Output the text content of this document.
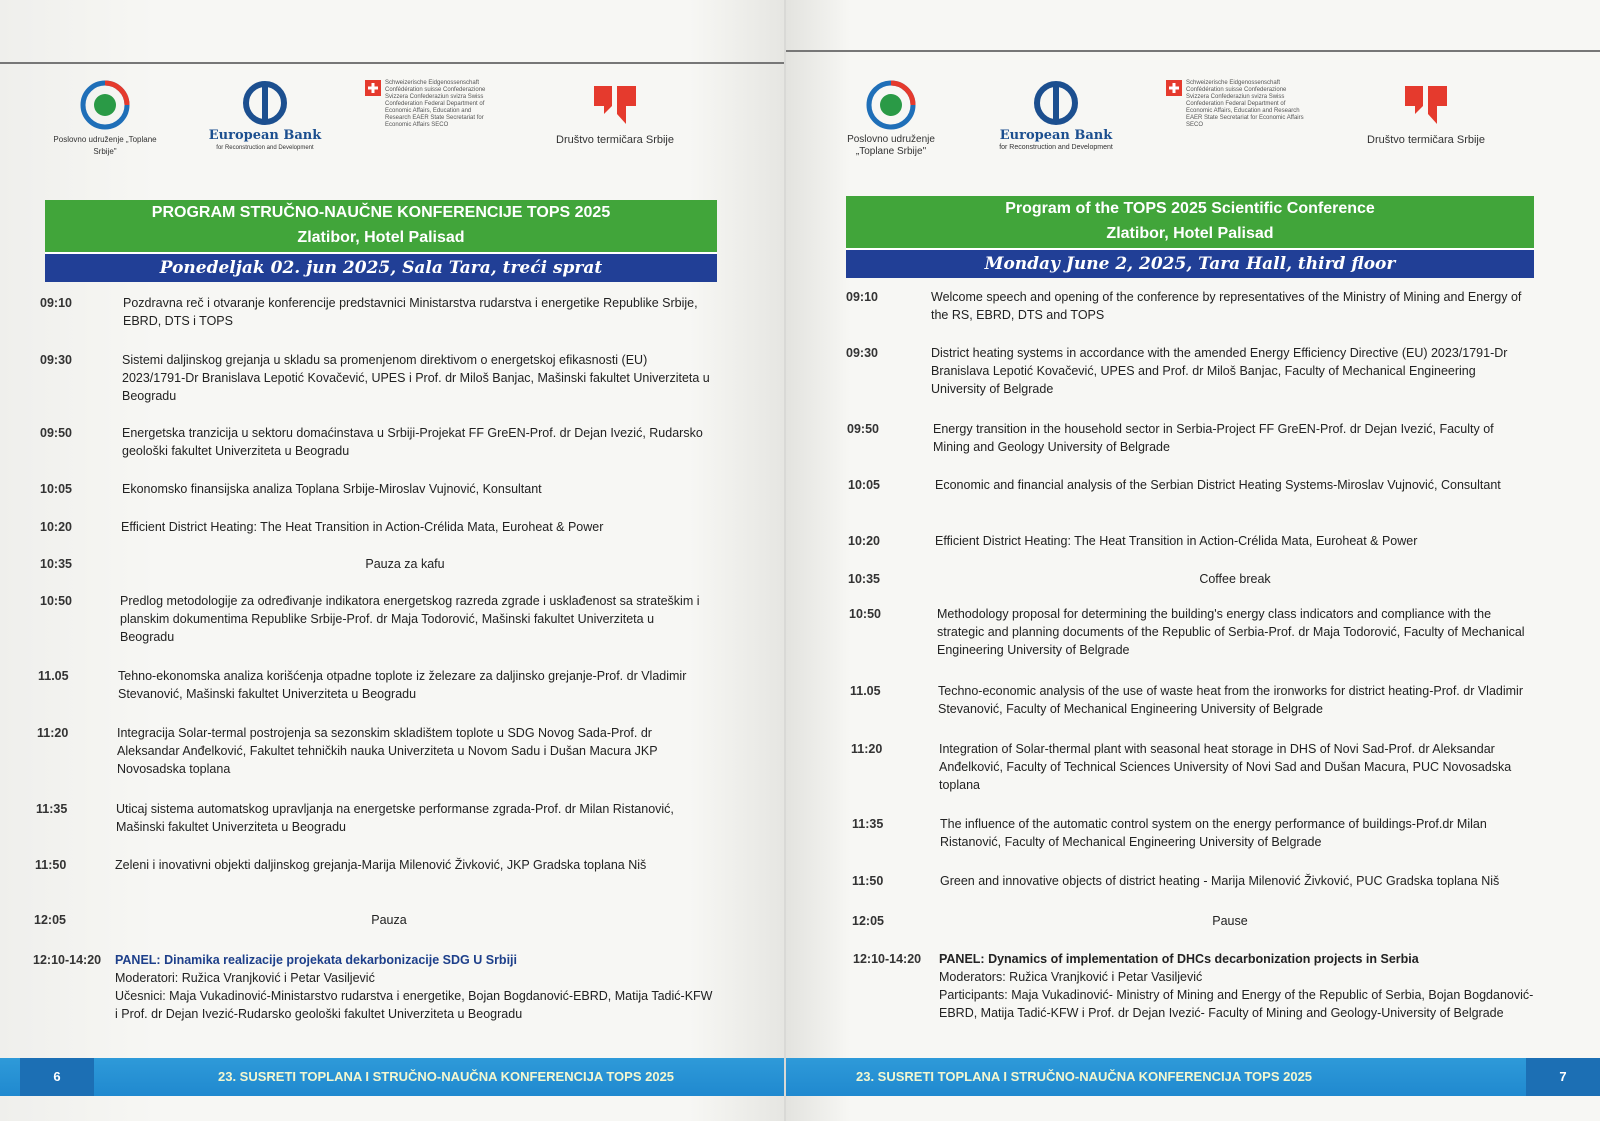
Poslovno udruženje „Toplane Srbije"
European Bank
for Reconstruction and Development
Schweizerische Eidgenossenschaft Confédération suisse Confederazione Svizzera Confederaziun svizra Swiss Confederation Federal Department of Economic Affairs, Education and Research EAER State Secretariat for Economic Affairs SECO
Društvo termičara Srbije
PROGRAM STRUČNO-NAUČNE KONFERENCIJE TOPS 2025
Zlatibor, Hotel Palisad
Ponedeljak 02. jun 2025, Sala Tara, treći sprat
09:10	Pozdravna reč i otvaranje konferencije predstavnici Ministarstva rudarstva i energetike Republike Srbije, EBRD, DTS i TOPS
09:30	Sistemi daljinskog grejanja u skladu sa promenjenom direktivom o energetskoj efikasnosti (EU) 2023/1791-Dr Branislava Lepotić Kovačević, UPES i Prof. dr Miloš Banjac, Mašinski fakultet Univerziteta u Beogradu
09:50	Energetska tranzicija u sektoru domaćinstava u Srbiji-Projekat FF GreEN-Prof. dr Dejan Ivezić, Rudarsko geološki fakultet Univerziteta u Beogradu
10:05	Ekonomsko finansijska analiza Toplana Srbije-Miroslav Vujnović, Konsultant
10:20	Efficient District Heating: The Heat Transition in Action-Crélida Mata, Euroheat & Power
10:35	Pauza za kafu
10:50	Predlog metodologije za određivanje indikatora energetskog razreda zgrade i usklađenost sa strateškim i planskim dokumentima Republike Srbije-Prof. dr Maja Todorović, Mašinski fakultet Univerziteta u Beogradu
11.05	Tehno-ekonomska analiza korišćenja otpadne toplote iz železare za daljinsko grejanje-Prof. dr Vladimir Stevanović, Mašinski fakultet Univerziteta u Beogradu
11:20	Integracija Solar-termal postrojenja sa sezonskim skladištem toplote u SDG Novog Sada-Prof. dr Aleksandar Anđelković, Fakultet tehničkih nauka Univerziteta u Novom Sadu i Dušan Macura JKP Novosadska toplana
11:35	Uticaj sistema automatskog upravljanja na energetske performanse zgrada-Prof. dr Milan Ristanović, Mašinski fakultet Univerziteta u Beogradu
11:50	Zeleni i inovativni objekti daljinskog grejanja-Marija Milenović Živković, JKP Gradska toplana Niš
12:05	Pauza
12:10-14:20 PANEL: Dinamika realizacije projekata dekarbonizacije SDG U Srbiji
Moderatori: Ružica Vranjković i Petar Vasiljević
Učesnici: Maja Vukadinović-Ministarstvo rudarstva i energetike, Bojan Bogdanović-EBRD, Matija Tadić-KFW i Prof. dr Dejan Ivezić-Rudarsko geološki fakultet Univerziteta u Beogradu
6	23. SUSRETI TOPLANA I STRUČNO-NAUČNA KONFERENCIJA TOPS 2025
Poslovno udruženje „Toplane Srbije"
European Bank
for Reconstruction and Development
Schweizerische Eidgenossenschaft Confédération suisse Confederazione Svizzera Confederaziun svizra Swiss Confederation Federal Department of Economic Affairs, Education and Research EAER State Secretariat for Economic Affairs SECO
Društvo termičara Srbije
Program of the TOPS 2025 Scientific Conference
Zlatibor, Hotel Palisad
Monday June 2, 2025, Tara Hall, third floor
09:10	Welcome speech and opening of the conference by representatives of the Ministry of Mining and Energy of the RS, EBRD, DTS and TOPS
09:30	District heating systems in accordance with the amended Energy Efficiency Directive (EU) 2023/1791-Dr Branislava Lepotić Kovačević, UPES and Prof. dr Miloš Banjac, Faculty of Mechanical Engineering University of Belgrade
09:50	Energy transition in the household sector in Serbia-Project FF GreEN-Prof. dr Dejan Ivezić, Faculty of Mining and Geology University of Belgrade
10:05	Economic and financial analysis of the Serbian District Heating Systems-Miroslav Vujnović, Consultant
10:20	Efficient District Heating: The Heat Transition in Action-Crélida Mata, Euroheat & Power
10:35	Coffee break
10:50	Methodology proposal for determining the building's energy class indicators and compliance with the strategic and planning documents of the Republic of Serbia-Prof. dr Maja Todorović, Faculty of Mechanical Engineering University of Belgrade
11.05	Techno-economic analysis of the use of waste heat from the ironworks for district heating-Prof. dr Vladimir Stevanović, Faculty of Mechanical Engineering University of Belgrade
11:20	Integration of Solar-thermal plant with seasonal heat storage in DHS of Novi Sad-Prof. dr Aleksandar Anđelković, Faculty of Technical Sciences University of Novi Sad and Dušan Macura, PUC Novosadska toplana
11:35	The influence of the automatic control system on the energy performance of buildings-Prof.dr Milan Ristanović, Faculty of Mechanical Engineering University of Belgrade
11:50	Green and innovative objects of district heating - Marija Milenović Živković, PUC Gradska toplana Niš
12:05	Pause
12:10-14:20 PANEL: Dynamics of implementation of DHCs decarbonization projects in Serbia
Moderators: Ružica Vranjković i Petar Vasiljević
Participants: Maja Vukadinović- Ministry of Mining and Energy of the Republic of Serbia, Bojan Bogdanović-EBRD, Matija Tadić-KFW i Prof. dr Dejan Ivezić- Faculty of Mining and Geology-University of Belgrade
23. SUSRETI TOPLANA I STRUČNO-NAUČNA KONFERENCIJA TOPS 2025	7
